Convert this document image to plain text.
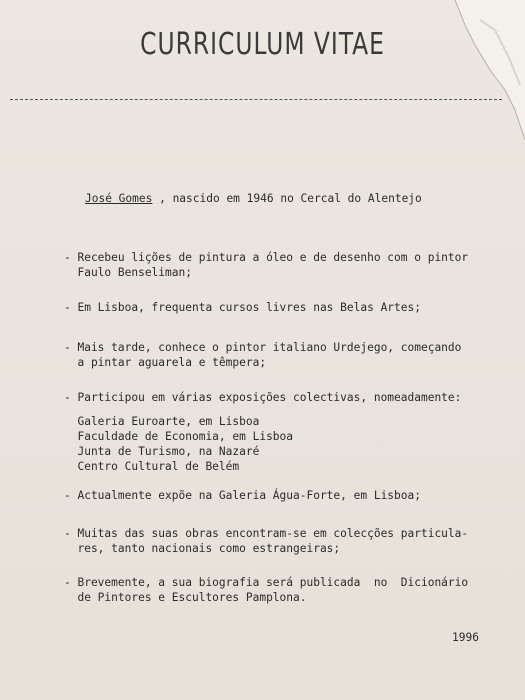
CURRICULUM VITAE
José Gomes , nascido em 1946 no Cercal do Alentejo
- Recebeu lições de pintura a óleo e de desenho com o pintor
Faulo Benseliman;
- Em Lisboa, frequenta cursos livres nas Belas Artes;
- Mais tarde, conhece o pintor italiano Urdejego, começando
a pintar aguarela e têmpera;
- Participou em várias exposições colectivas, nomeadamente:
Galeria Euroarte, em Lisboa
Faculdade de Economia, em Lisboa
Junta de Turismo, na Nazaré
Centro Cultural de Belém
- Actualmente expõe na Galeria Água-Forte, em Lisboa;
- Muitas das suas obras encontram-se em colecções particula-
res, tanto nacionais como estrangeiras;
- Brevemente, a sua biografia será publicada  no  Dicionário
de Pintores e Escultores Pamplona.
1996
